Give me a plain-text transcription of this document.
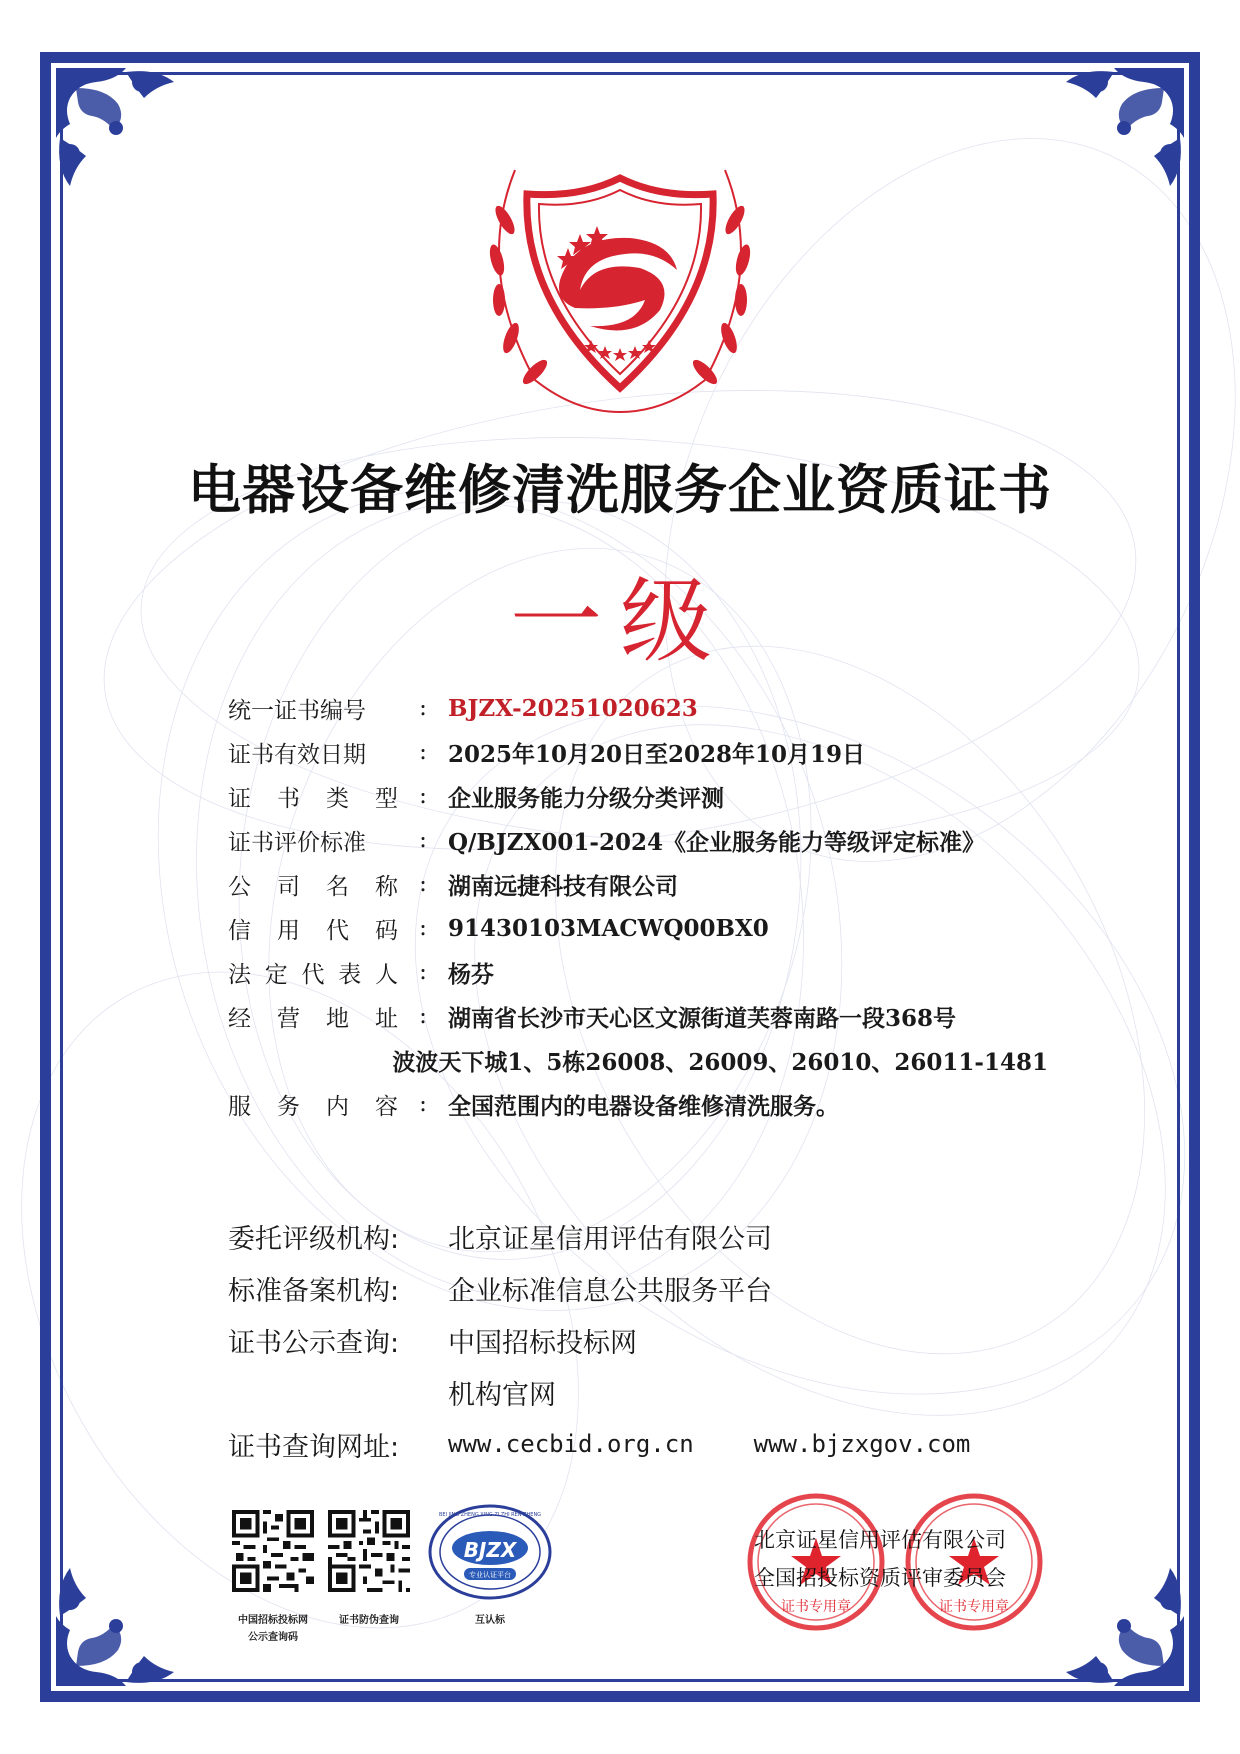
电器设备维修清洗服务企业资质证书
一级
统一证书编号	: BJZX-20251020623
证书有效日期	: 2025年10月20日至2028年10月19日
证 书 类 型 : 企业服务能力分级分类评测
证书评价标准	: Q/BJZX001-2024《企业服务能力等级评定标准》
公 司 名 称 : 湖南远捷科技有限公司
信 用 代 码 : 91430103MACWQ00BX0
法 定 代 表 人 : 杨芬
经 营 地 址 : 湖南省长沙市天心区文源街道芙蓉南路一段368号
波波天下城1、5栋26008、26009、26010、26011-1481
服 务 内 容 : 全国范围内的电器设备维修清洗服务。
委托评级机构:	北京证星信用评估有限公司
标准备案机构:	企业标准信息公共服务平台
证书公示查询:	中国招标投标网
机构官网
证书查询网址:	www.cecbid.org.cn	www.bjzxgov.com
中国招标投标网
公示查询码
证书防伪查询
BJZX
BEI JING ZHENG XING ZI ZHI REN ZHENG
专业认证平台
互认标
证书专用章	证书专用章
北京证星信用评估有限公司
全国招投标资质评审委员会
